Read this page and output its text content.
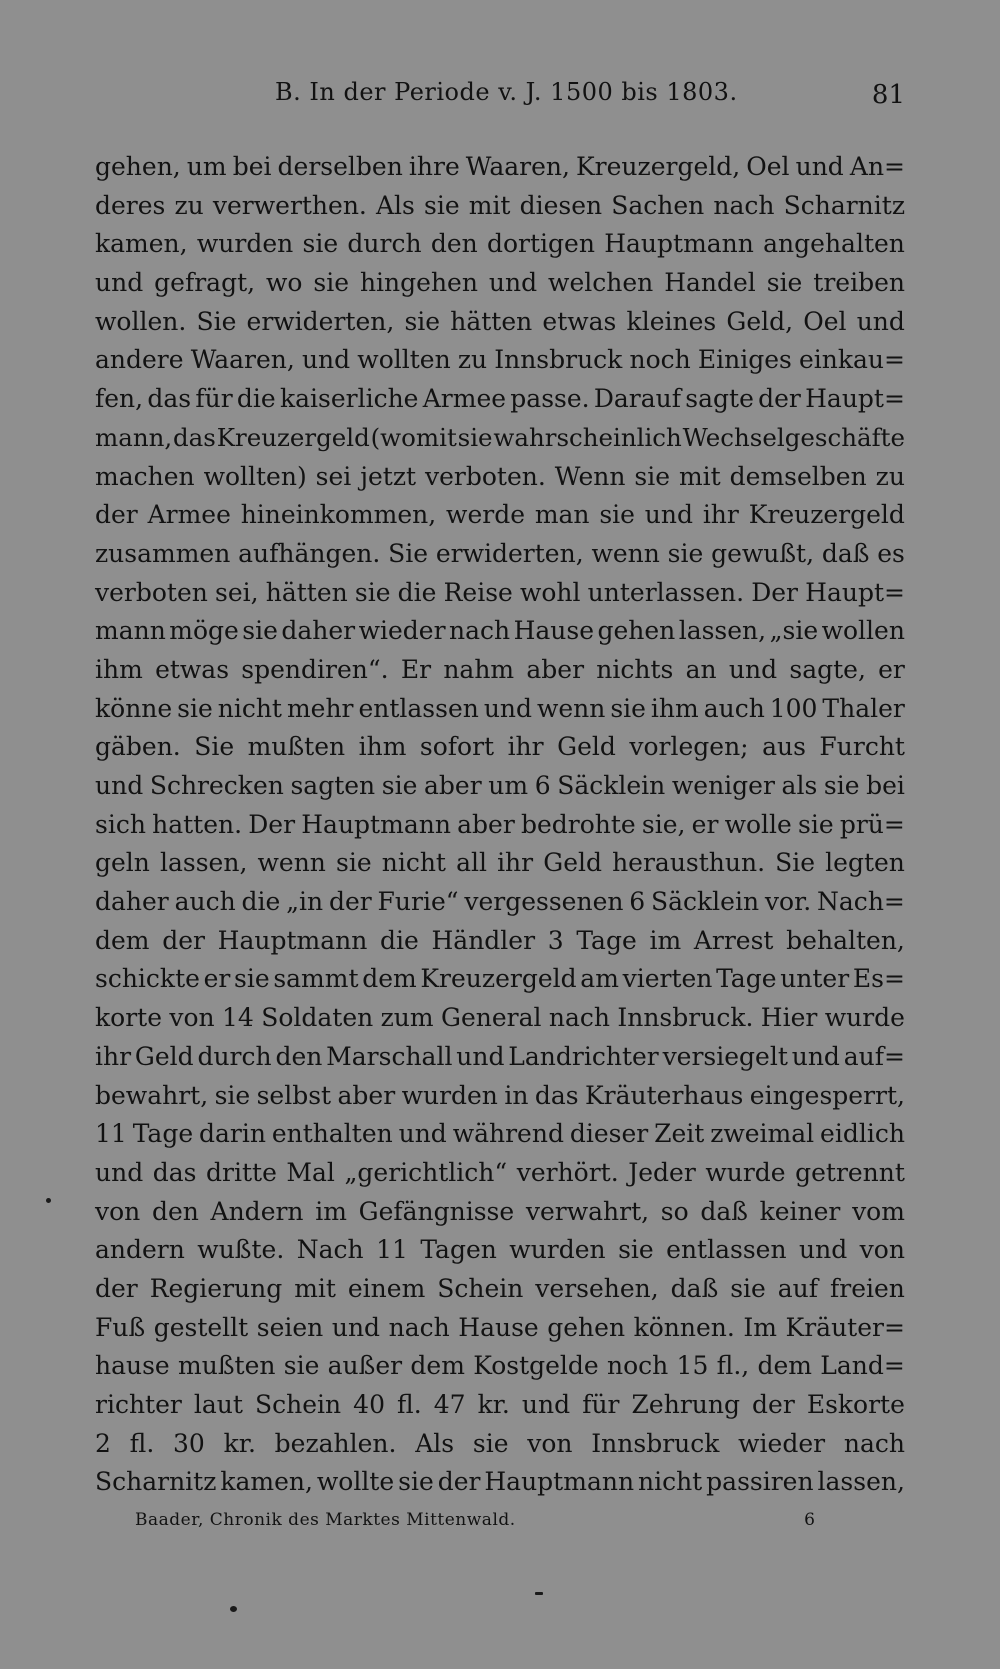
B. In der Periode v. J. 1500 bis 1803.	81
gehen, um bei derselben ihre Waaren, Kreuzergeld, Oel und An=
deres zu verwerthen. Als sie mit diesen Sachen nach Scharnitz
kamen, wurden sie durch den dortigen Hauptmann angehalten
und gefragt, wo sie hingehen und welchen Handel sie treiben
wollen. Sie erwiderten, sie hätten etwas kleines Geld, Oel und
andere Waaren, und wollten zu Innsbruck noch Einiges einkau=
fen, das für die kaiserliche Armee passe. Darauf sagte der Haupt=
mann, das Kreuzergeld (womit sie wahrscheinlich Wechselgeschäfte
machen wollten) sei jetzt verboten. Wenn sie mit demselben zu
der Armee hineinkommen, werde man sie und ihr Kreuzergeld
zusammen aufhängen. Sie erwiderten, wenn sie gewußt, daß es
verboten sei, hätten sie die Reise wohl unterlassen. Der Haupt=
mann möge sie daher wieder nach Hause gehen lassen, „sie wollen
ihm etwas spendiren“. Er nahm aber nichts an und sagte, er
könne sie nicht mehr entlassen und wenn sie ihm auch 100 Thaler
gäben. Sie mußten ihm sofort ihr Geld vorlegen; aus Furcht
und Schrecken sagten sie aber um 6 Säcklein weniger als sie bei
sich hatten. Der Hauptmann aber bedrohte sie, er wolle sie prü=
geln lassen, wenn sie nicht all ihr Geld herausthun. Sie legten
daher auch die „in der Furie“ vergessenen 6 Säcklein vor. Nach=
dem der Hauptmann die Händler 3 Tage im Arrest behalten,
schickte er sie sammt dem Kreuzergeld am vierten Tage unter Es=
korte von 14 Soldaten zum General nach Innsbruck. Hier wurde
ihr Geld durch den Marschall und Landrichter versiegelt und auf=
bewahrt, sie selbst aber wurden in das Kräuterhaus eingesperrt,
11 Tage darin enthalten und während dieser Zeit zweimal eidlich
und das dritte Mal „gerichtlich“ verhört. Jeder wurde getrennt
von den Andern im Gefängnisse verwahrt, so daß keiner vom
andern wußte. Nach 11 Tagen wurden sie entlassen und von
der Regierung mit einem Schein versehen, daß sie auf freien
Fuß gestellt seien und nach Hause gehen können. Im Kräuter=
hause mußten sie außer dem Kostgelde noch 15 fl., dem Land=
richter laut Schein 40 fl. 47 kr. und für Zehrung der Eskorte
2 fl. 30 kr. bezahlen. Als sie von Innsbruck wieder nach
Scharnitz kamen, wollte sie der Hauptmann nicht passiren lassen,
Baader, Chronik des Marktes Mittenwald.	6
